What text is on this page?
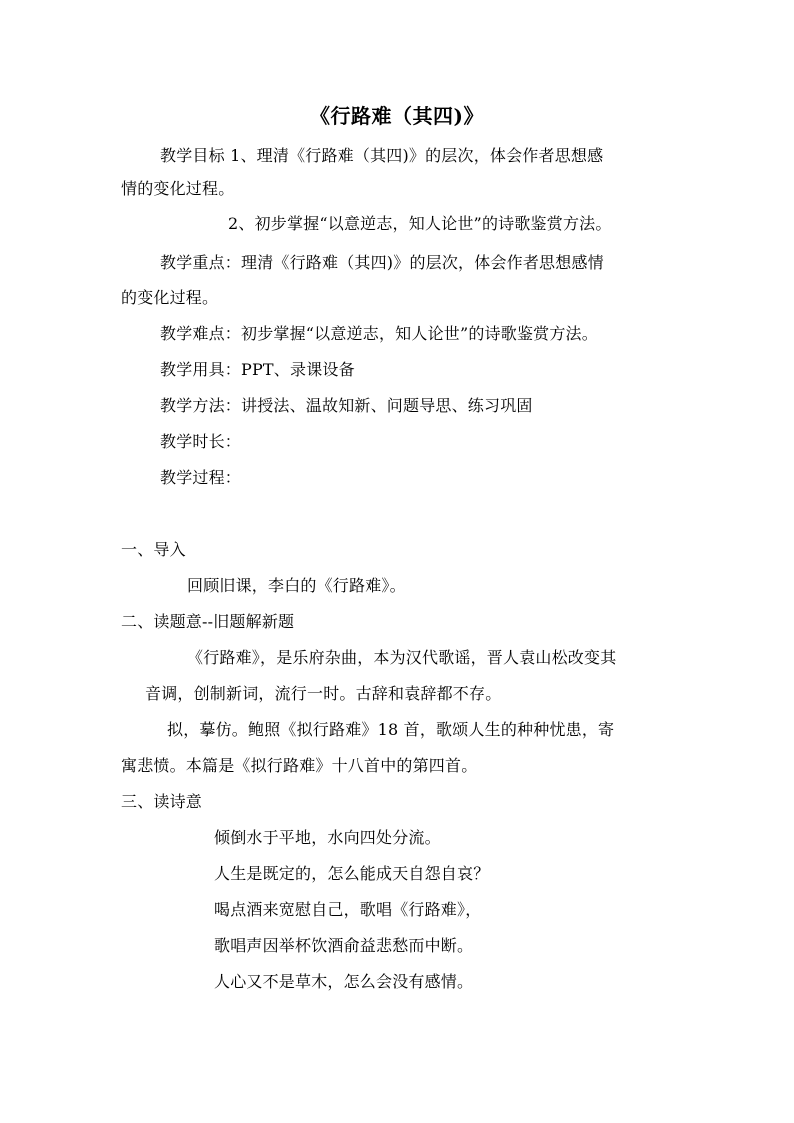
《行路难（其四)》
教学目标 1、理清《行路难（其四)》的层次，体会作者思想感
情的变化过程。
2、初步掌握“以意逆志，知人论世”的诗歌鉴赏方法。
教学重点：理清《行路难（其四)》的层次，体会作者思想感情
的变化过程。
教学难点：初步掌握“以意逆志，知人论世”的诗歌鉴赏方法。
教学用具：PPT、录课设备
教学方法：讲授法、温故知新、问题导思、练习巩固
教学时长：
教学过程：
一、导入
回顾旧课，李白的《行路难》。
二、读题意--旧题解新题
《行路难》，是乐府杂曲，本为汉代歌谣，晋人袁山松改变其
音调，创制新词，流行一时。古辞和袁辞都不存。
拟，摹仿。鲍照《拟行路难》18 首，歌颂人生的种种忧患，寄
寓悲愤。本篇是《拟行路难》十八首中的第四首。
三、读诗意
倾倒水于平地，水向四处分流。
人生是既定的，怎么能成天自怨自哀？
喝点酒来宽慰自己，歌唱《行路难》，
歌唱声因举杯饮酒俞益悲愁而中断。
人心又不是草木，怎么会没有感情。
